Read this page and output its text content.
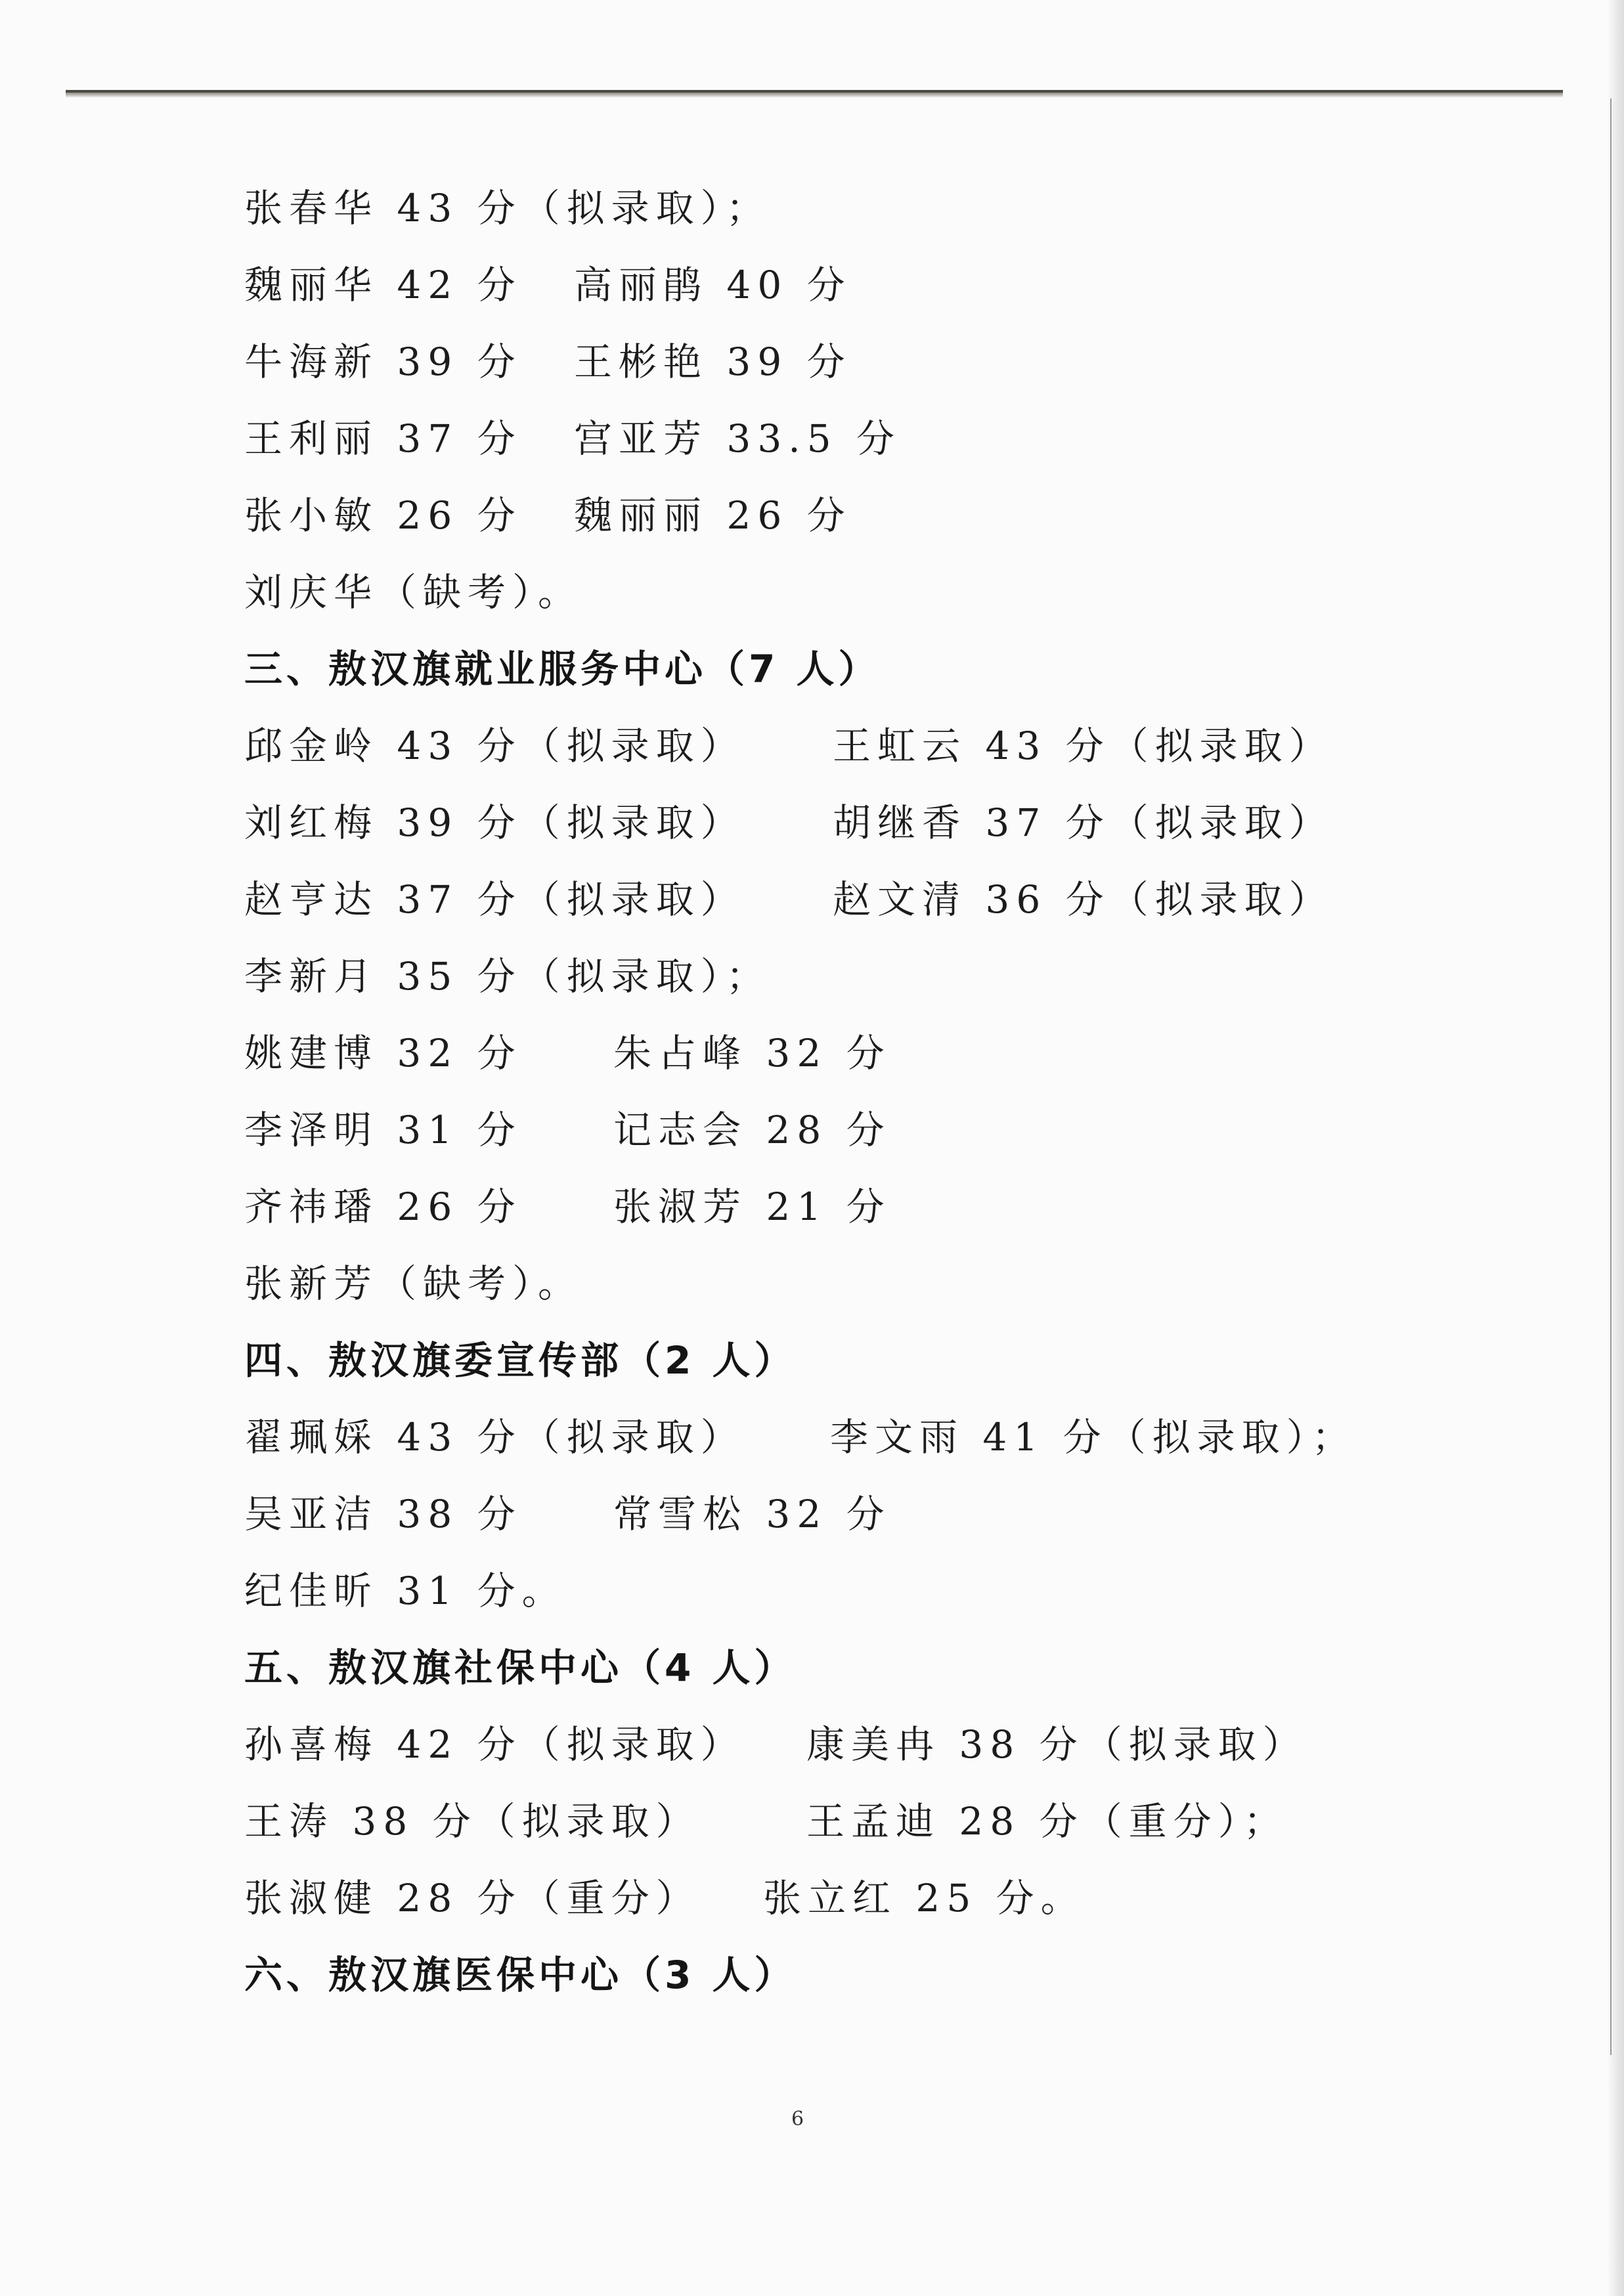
张春华 43 分（拟录取）；
魏丽华 42 分 高丽鹃 40 分
牛海新 39 分 王彬艳 39 分
王利丽 37 分 宫亚芳 33.5 分
张小敏 26 分 魏丽丽 26 分
刘庆华（缺考）。
三、敖汉旗就业服务中心（7 人）
邱金岭 43 分（拟录取） 王虹云 43 分（拟录取）
刘红梅 39 分（拟录取） 胡继香 37 分（拟录取）
赵亨达 37 分（拟录取） 赵文清 36 分（拟录取）
李新月 35 分（拟录取）；
姚建博 32 分 朱占峰 32 分
李泽明 31 分 记志会 28 分
齐祎璠 26 分 张淑芳 21 分
张新芳（缺考）。
四、敖汉旗委宣传部（2 人）
翟珮婇 43 分（拟录取） 李文雨 41 分（拟录取）；
吴亚洁 38 分 常雪松 32 分
纪佳昕 31 分。
五、敖汉旗社保中心（4 人）
孙喜梅 42 分（拟录取） 康美冉 38 分（拟录取）
王涛 38 分（拟录取）	王孟迪 28 分（重分）；
张淑健 28 分（重分） 张立红 25 分。
六、敖汉旗医保中心（3 人）
6
